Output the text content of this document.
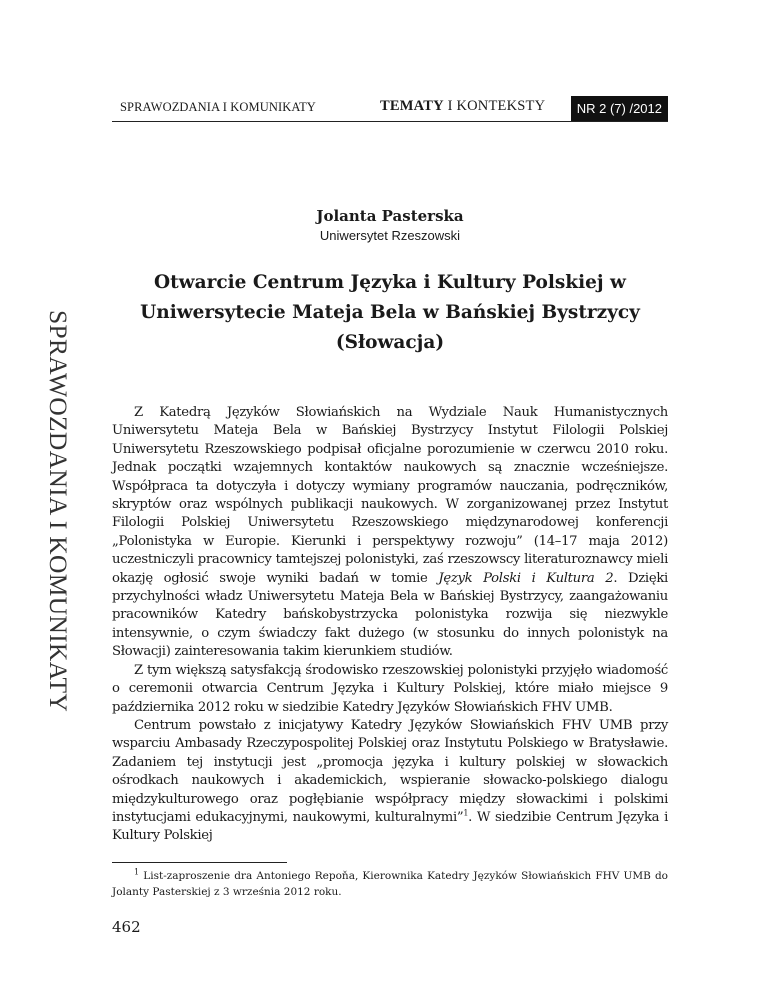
SPRAWOZDANIA I KOMUNIKATY	TEMATY I KONTEKSTY	NR 2 (7) /2012
SPRAWOZDANIA I KOMUNIKATY
Jolanta Pasterska
Uniwersytet Rzeszowski
Otwarcie Centrum Języka i Kultury Polskiej w Uniwersytecie Mateja Bela w Bańskiej Bystrzycy (Słowacja)

Z Katedrą Języków Słowiańskich na Wydziale Nauk Humanistycznych Uniwersytetu Mateja Bela w Bańskiej Bystrzycy Instytut Filologii Polskiej Uniwersytetu Rzeszowskiego podpisał oficjalne porozumienie w czerwcu 2010 roku. Jednak początki wzajemnych kontaktów naukowych są znacznie wcześniejsze. Współpraca ta dotyczyła i dotyczy wymiany programów nauczania, podręczników, skryptów oraz wspólnych publikacji naukowych. W zorganizowanej przez Instytut Filologii Polskiej Uniwersytetu Rzeszowskiego międzynarodowej konferencji „Polonistyka w Europie. Kierunki i perspektywy rozwoju” (14–17 maja 2012) uczestniczyli pracownicy tamtejszej polonistyki, zaś rzeszowscy literaturoznawcy mieli okazję ogłosić swoje wyniki badań w tomie Język Polski i Kultura 2. Dzięki przychylności władz Uniwersytetu Mateja Bela w Bańskiej Bystrzycy, zaangażowaniu pracowników Katedry bańskobystrzycka polonistyka rozwija się niezwykle intensywnie, o czym świadczy fakt dużego (w stosunku do innych polonistyk na Słowacji) zainteresowania takim kierunkiem studiów.

Z tym większą satysfakcją środowisko rzeszowskiej polonistyki przyjęło wiadomość o ceremonii otwarcia Centrum Języka i Kultury Polskiej, które miało miejsce 9 października 2012 roku w siedzibie Katedry Języków Słowiańskich FHV UMB.

Centrum powstało z inicjatywy Katedry Języków Słowiańskich FHV UMB przy wsparciu Ambasady Rzeczypospolitej Polskiej oraz Instytutu Polskiego w Bratysławie. Zadaniem tej instytucji jest „promocja języka i kultury polskiej w słowackich ośrodkach naukowych i akademickich, wspieranie słowacko-polskiego dialogu międzykulturowego oraz pogłębianie współpracy między słowackimi i polskimi instytucjami edukacyjnymi, naukowymi, kulturalnymi”$^1$. W siedzibie Centrum Języka i Kultury Polskiej

$^1$ List-zaproszenie dra Antoniego Repoňa, Kierownika Katedry Języków Słowiańskich FHV UMB do Jolanty Pasterskiej z 3 września 2012 roku.
462
